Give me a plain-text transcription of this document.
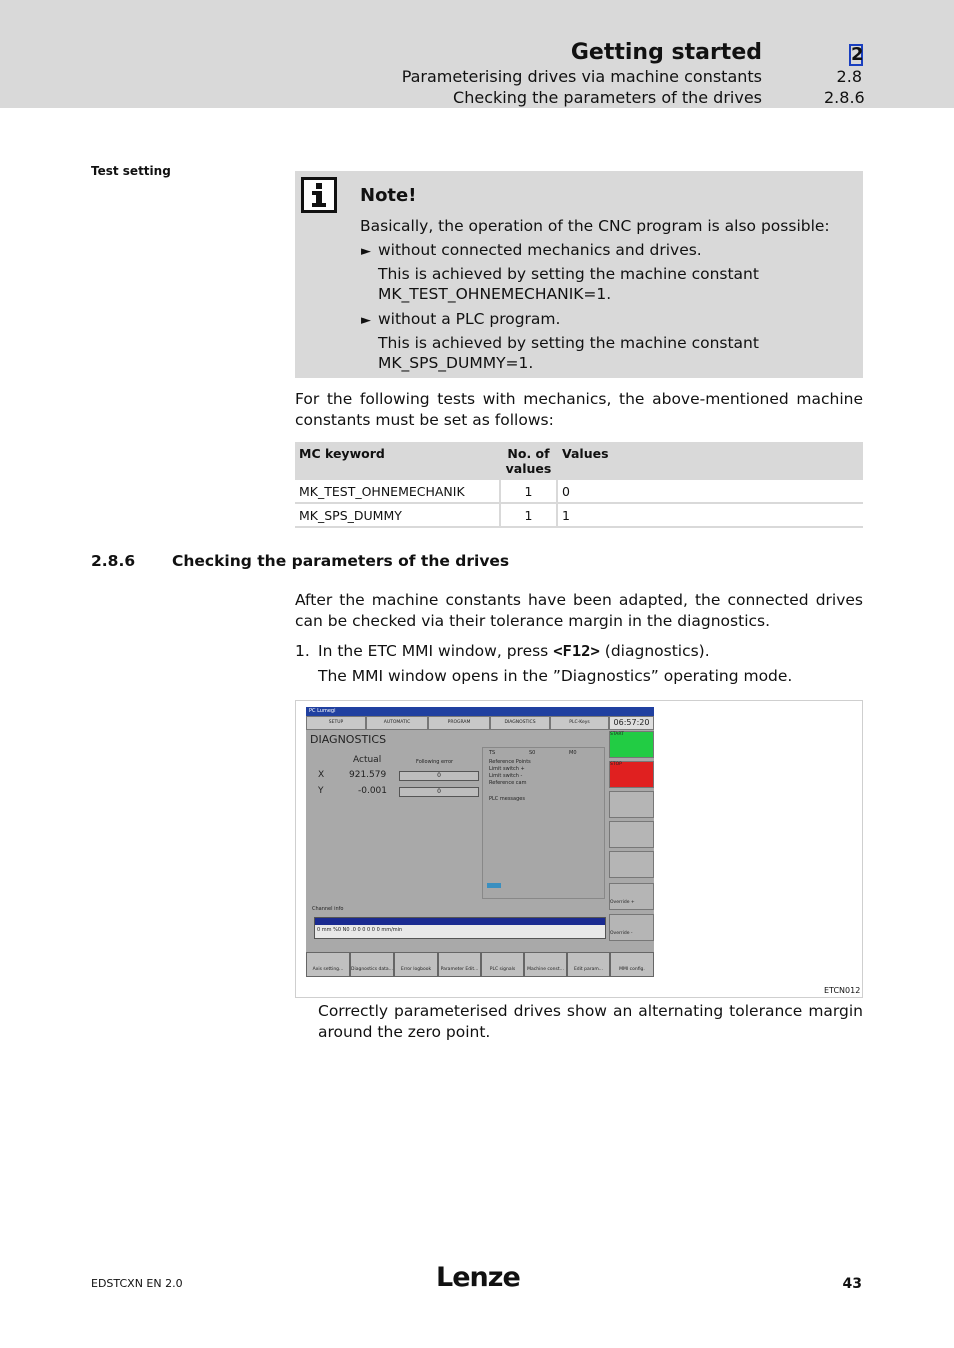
Getting started	2
Parameterising drives via machine constants	2.8
Checking the parameters of the drives	2.8.6
Test setting
Note!
Basically, the operation of the CNC program is also possible:
► without connected mechanics and drives.
This is achieved by setting the machine constant
MK_TEST_OHNEMECHANIK=1.
► without a PLC program.
This is achieved by setting the machine constant
MK_SPS_DUMMY=1.
For the following tests with mechanics, the above-mentioned machine constants must be set as follows:
MC keyword	No. of values	Values
MK_TEST_OHNEMECHANIK	1	0
MK_SPS_DUMMY	1	1
2.8.6 Checking the parameters of the drives
After the machine constants have been adapted, the connected drives can be checked via their tolerance margin in the diagnostics.
1. In the ETC MMI window, press <F12> (diagnostics).
The MMI window opens in the ”Diagnostics” operating mode.
PC Lumegi
SETUP	AUTOMATIC	PROGRAM	DIAGNOSTICS	PLC-Keys	06:57:20
DIAGNOSTICS
Actual	Following error
X	921.579	0
Y	-0.001	0
TS	S0	M0
Reference Points
Limit switch +
Limit switch -
Reference cam
PLC messages
START
STOP
Override +
Override -
Channel info
0 mm %0 N0 .0 0 0 0 0 0 mm/min
Axis setting...	Diagnostics data...	Error logbook	Parameter Edit...	PLC signals	Machine const...	Edit param...	MMI config.
ETCN012
Correctly parameterised drives show an alternating tolerance margin around the zero point.
EDSTCXN EN 2.0	Lenze	43
